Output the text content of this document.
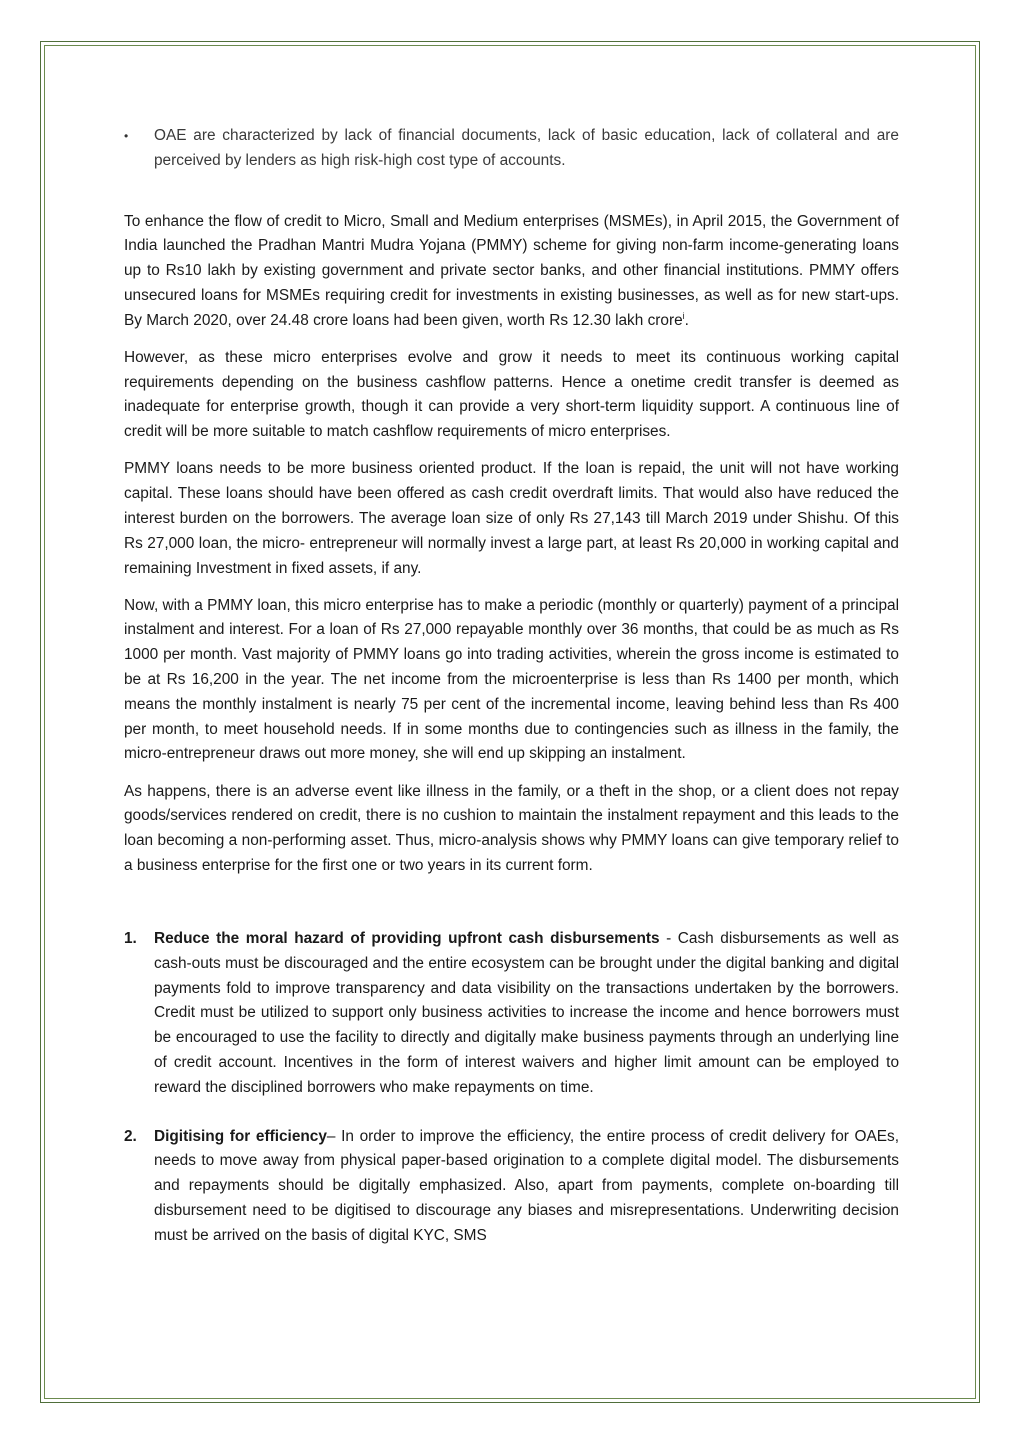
•	OAE are characterized by lack of financial documents, lack of basic education, lack of collateral and are perceived by lenders as high risk-high cost type of accounts.

To enhance the flow of credit to Micro, Small and Medium enterprises (MSMEs), in April 2015, the Government of India launched the Pradhan Mantri Mudra Yojana (PMMY) scheme for giving non-farm income-generating loans up to Rs10 lakh by existing government and private sector banks, and other financial institutions. PMMY offers unsecured loans for MSMEs requiring credit for investments in existing businesses, as well as for new start-ups. By March 2020, over 24.48 crore loans had been given, worth Rs 12.30 lakh crore$^i$.

However, as these micro enterprises evolve and grow it needs to meet its continuous working capital requirements depending on the business cashflow patterns. Hence a onetime credit transfer is deemed as inadequate for enterprise growth, though it can provide a very short-term liquidity support. A continuous line of credit will be more suitable to match cashflow requirements of micro enterprises.

PMMY loans needs to be more business oriented product. If the loan is repaid, the unit will not have working capital. These loans should have been offered as cash credit overdraft limits. That would also have reduced the interest burden on the borrowers. The average loan size of only Rs 27,143 till March 2019 under Shishu. Of this Rs 27,000 loan, the micro- entrepreneur will normally invest a large part, at least Rs 20,000 in working capital and remaining Investment in fixed assets, if any.

Now, with a PMMY loan, this micro enterprise has to make a periodic (monthly or quarterly) payment of a principal instalment and interest. For a loan of Rs 27,000 repayable monthly over 36 months, that could be as much as Rs 1000 per month. Vast majority of PMMY loans go into trading activities, wherein the gross income is estimated to be at Rs 16,200 in the year. The net income from the microenterprise is less than Rs 1400 per month, which means the monthly instalment is nearly 75 per cent of the incremental income, leaving behind less than Rs 400 per month, to meet household needs. If in some months due to contingencies such as illness in the family, the micro-entrepreneur draws out more money, she will end up skipping an instalment.

As happens, there is an adverse event like illness in the family, or a theft in the shop, or a client does not repay goods/services rendered on credit, there is no cushion to maintain the instalment repayment and this leads to the loan becoming a non-performing asset. Thus, micro-analysis shows why PMMY loans can give temporary relief to a business enterprise for the first one or two years in its current form.

1.	Reduce the moral hazard of providing upfront cash disbursements - Cash disbursements as well as cash-outs must be discouraged and the entire ecosystem can be brought under the digital banking and digital payments fold to improve transparency and data visibility on the transactions undertaken by the borrowers. Credit must be utilized to support only business activities to increase the income and hence borrowers must be encouraged to use the facility to directly and digitally make business payments through an underlying line of credit account. Incentives in the form of interest waivers and higher limit amount can be employed to reward the disciplined borrowers who make repayments on time.
2.	Digitising for efficiency– In order to improve the efficiency, the entire process of credit delivery for OAEs, needs to move away from physical paper-based origination to a complete digital model. The disbursements and repayments should be digitally emphasized. Also, apart from payments, complete on-boarding till disbursement need to be digitised to discourage any biases and misrepresentations. Underwriting decision must be arrived on the basis of digital KYC, SMS
